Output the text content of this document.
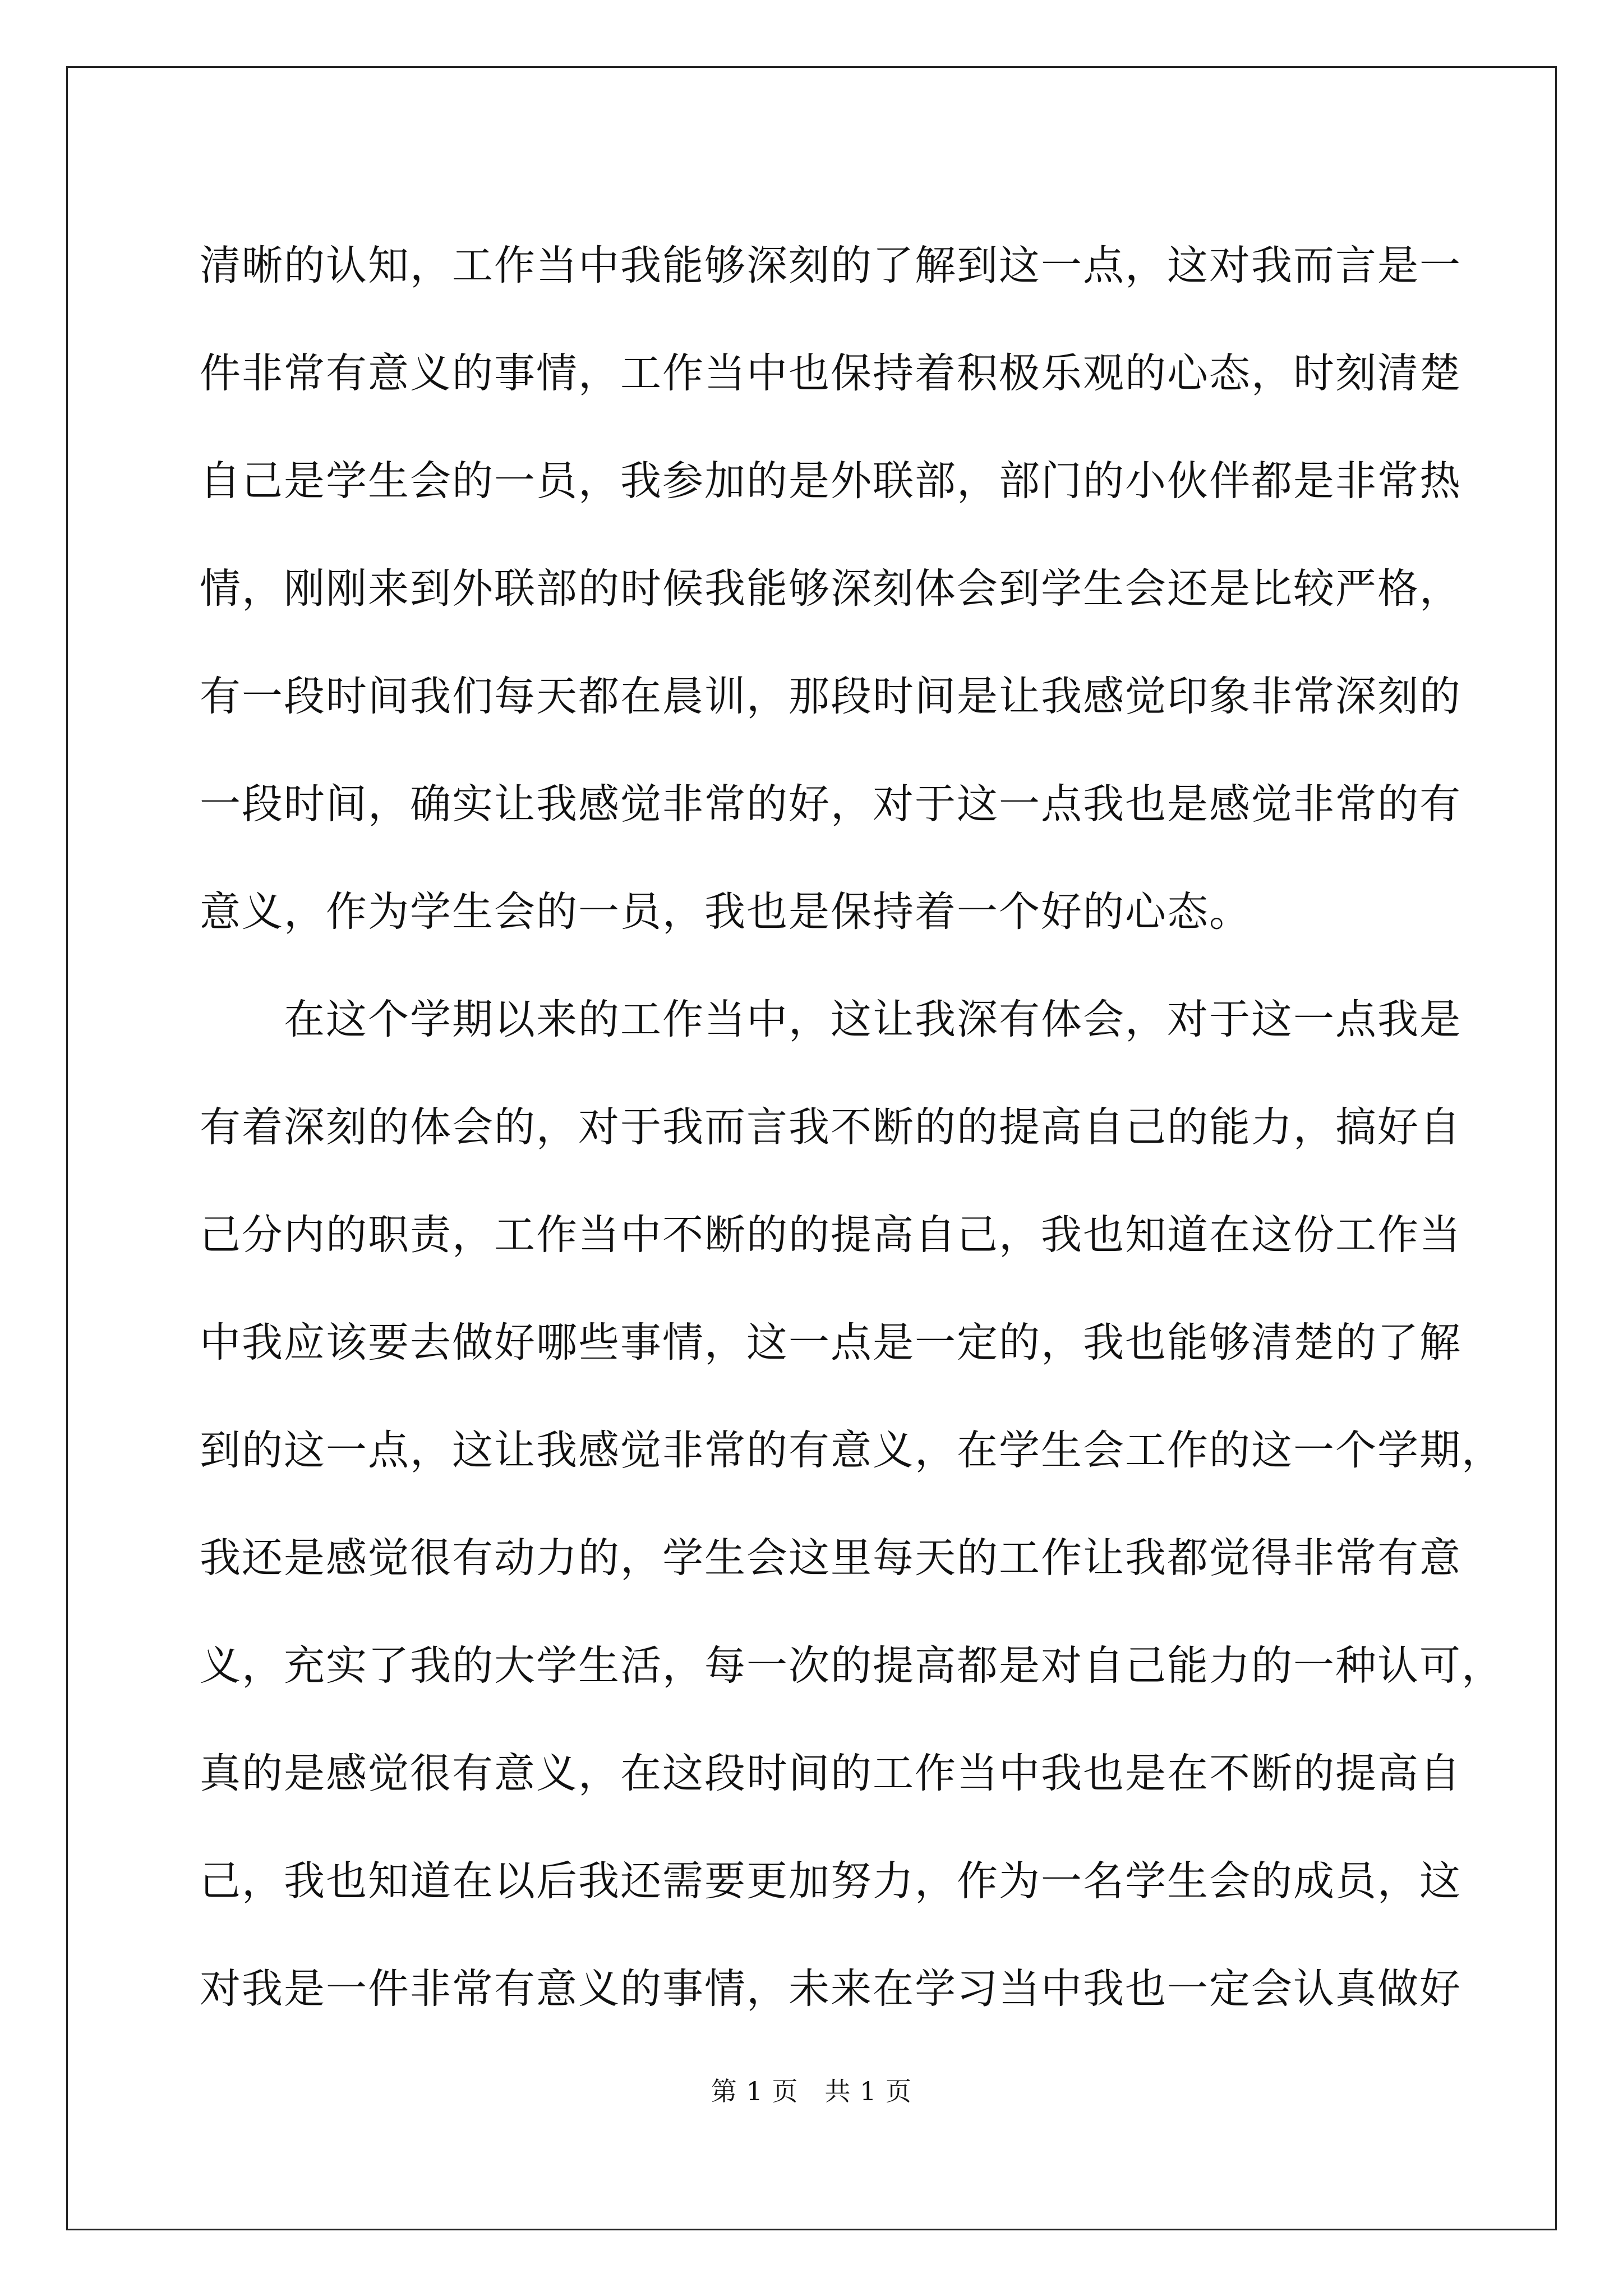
清晰的认知，工作当中我能够深刻的了解到这一点，这对我而言是一
件非常有意义的事情，工作当中也保持着积极乐观的心态，时刻清楚
自己是学生会的一员，我参加的是外联部，部门的小伙伴都是非常热
情，刚刚来到外联部的时候我能够深刻体会到学生会还是比较严格，
有一段时间我们每天都在晨训，那段时间是让我感觉印象非常深刻的
一段时间，确实让我感觉非常的好，对于这一点我也是感觉非常的有
意义，作为学生会的一员，我也是保持着一个好的心态。
　　在这个学期以来的工作当中，这让我深有体会，对于这一点我是
有着深刻的体会的，对于我而言我不断的的提高自己的能力，搞好自
己分内的职责，工作当中不断的的提高自己，我也知道在这份工作当
中我应该要去做好哪些事情，这一点是一定的，我也能够清楚的了解
到的这一点，这让我感觉非常的有意义，在学生会工作的这一个学期，
我还是感觉很有动力的，学生会这里每天的工作让我都觉得非常有意
义，充实了我的大学生活，每一次的提高都是对自己能力的一种认可，
真的是感觉很有意义，在这段时间的工作当中我也是在不断的提高自
己，我也知道在以后我还需要更加努力，作为一名学生会的成员，这
对我是一件非常有意义的事情，未来在学习当中我也一定会认真做好
第 1 页　共 1 页
